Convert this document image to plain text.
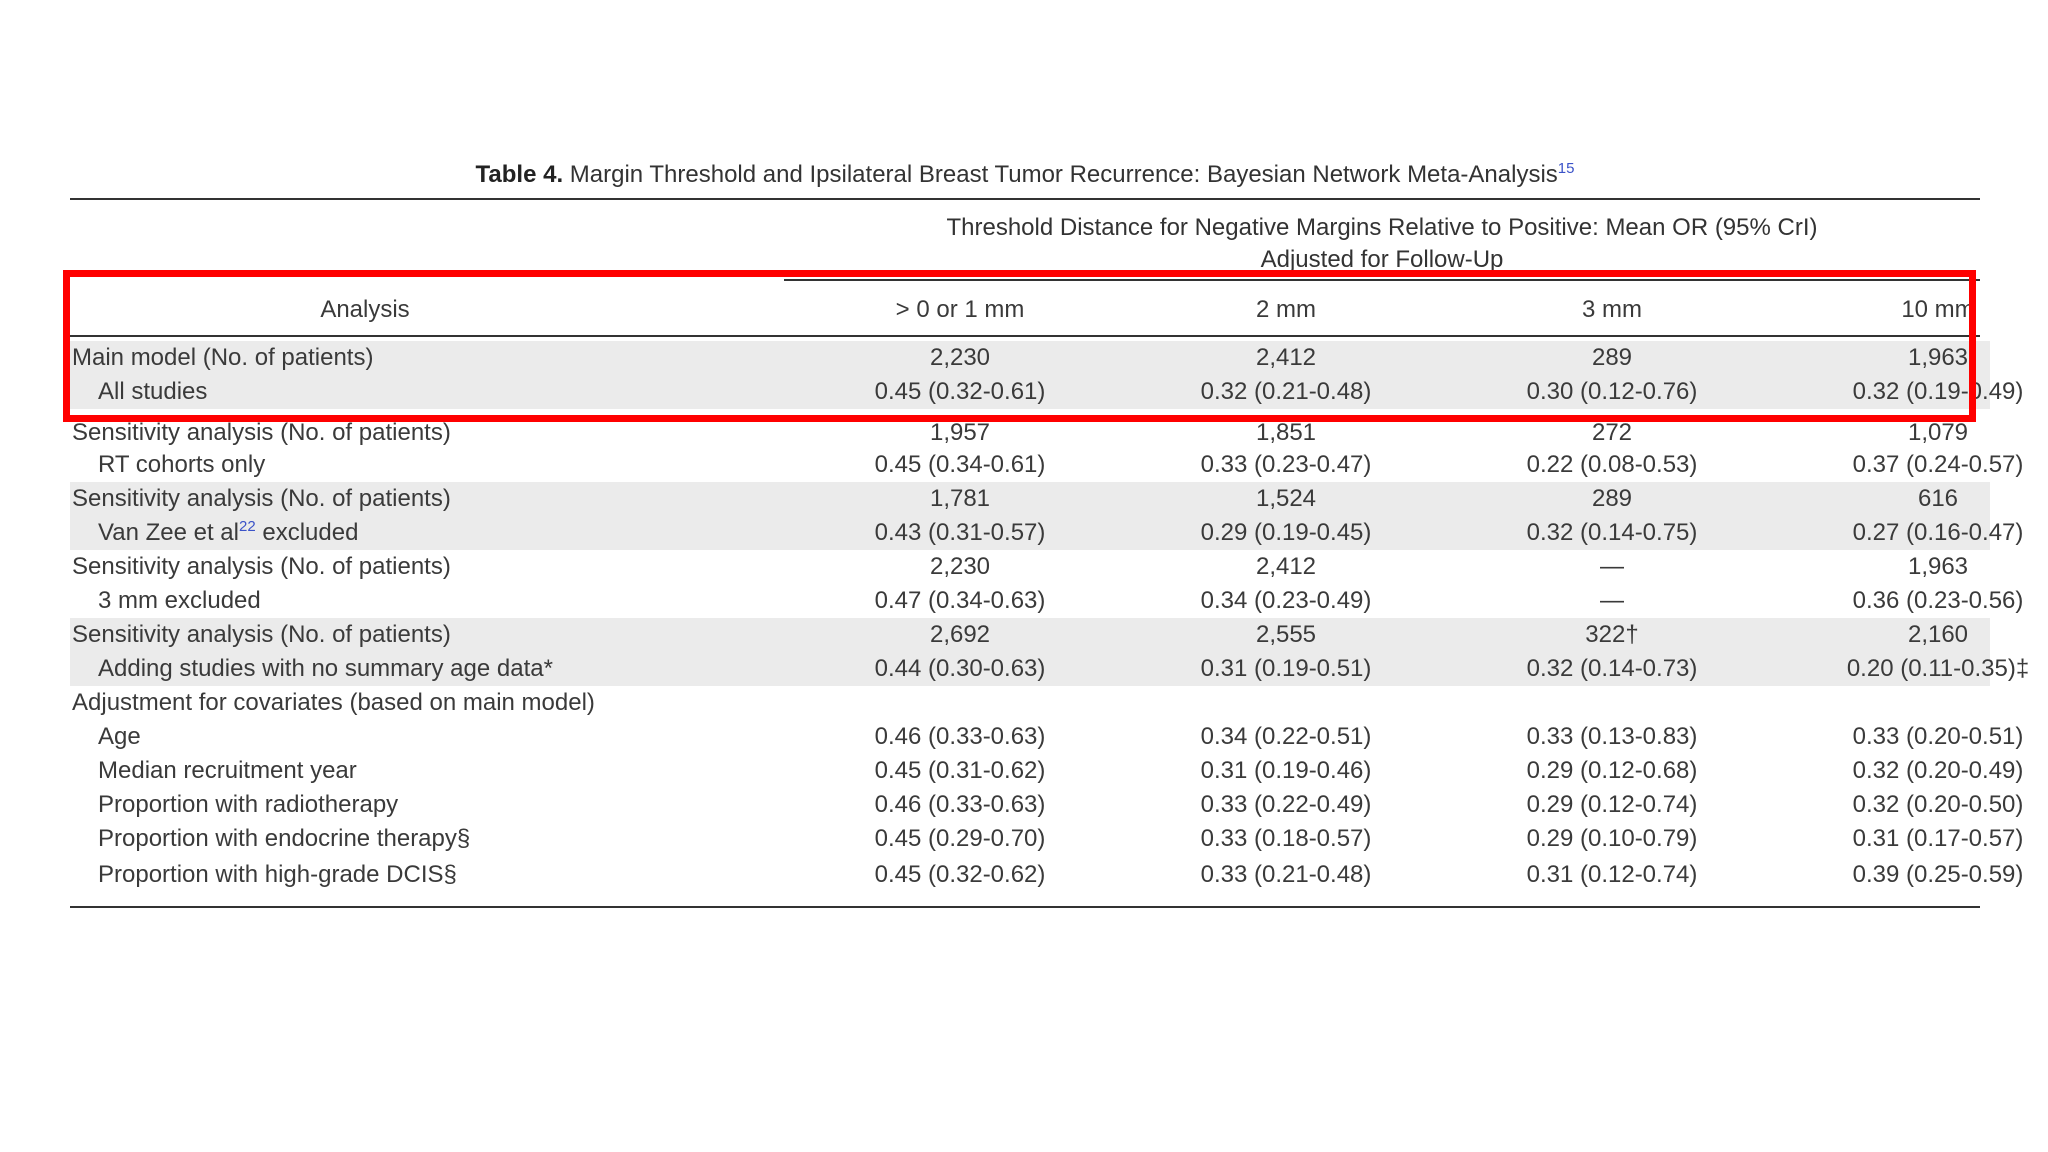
Table 4. Margin Threshold and Ipsilateral Breast Tumor Recurrence: Bayesian Network Meta-Analysis$^{15}$
Threshold Distance for Negative Margins Relative to Positive: Mean OR (95% CrI)
Adjusted for Follow-Up
Analysis	> 0 or 1 mm	2 mm	3 mm	10 mm
Main model (No. of patients)	2,230	2,412	289	1,963
All studies	0.45 (0.32-0.61)	0.32 (0.21-0.48)	0.30 (0.12-0.76)	0.32 (0.19-0.49)
Sensitivity analysis (No. of patients)	1,957	1,851	272	1,079
RT cohorts only	0.45 (0.34-0.61)	0.33 (0.23-0.47)	0.22 (0.08-0.53)	0.37 (0.24-0.57)
Sensitivity analysis (No. of patients)	1,781	1,524	289	616
Van Zee et al$^{22}$ excluded	0.43 (0.31-0.57)	0.29 (0.19-0.45)	0.32 (0.14-0.75)	0.27 (0.16-0.47)
Sensitivity analysis (No. of patients)	2,230	2,412	—	1,963
3 mm excluded	0.47 (0.34-0.63)	0.34 (0.23-0.49)	—	0.36 (0.23-0.56)
Sensitivity analysis (No. of patients)	2,692	2,555	322†	2,160
Adding studies with no summary age data*	0.44 (0.30-0.63)	0.31 (0.19-0.51)	0.32 (0.14-0.73)	0.20 (0.11-0.35)‡
Adjustment for covariates (based on main model)
Age	0.46 (0.33-0.63)	0.34 (0.22-0.51)	0.33 (0.13-0.83)	0.33 (0.20-0.51)
Median recruitment year	0.45 (0.31-0.62)	0.31 (0.19-0.46)	0.29 (0.12-0.68)	0.32 (0.20-0.49)
Proportion with radiotherapy	0.46 (0.33-0.63)	0.33 (0.22-0.49)	0.29 (0.12-0.74)	0.32 (0.20-0.50)
Proportion with endocrine therapy§	0.45 (0.29-0.70)	0.33 (0.18-0.57)	0.29 (0.10-0.79)	0.31 (0.17-0.57)
Proportion with high-grade DCIS§	0.45 (0.32-0.62)	0.33 (0.21-0.48)	0.31 (0.12-0.74)	0.39 (0.25-0.59)
